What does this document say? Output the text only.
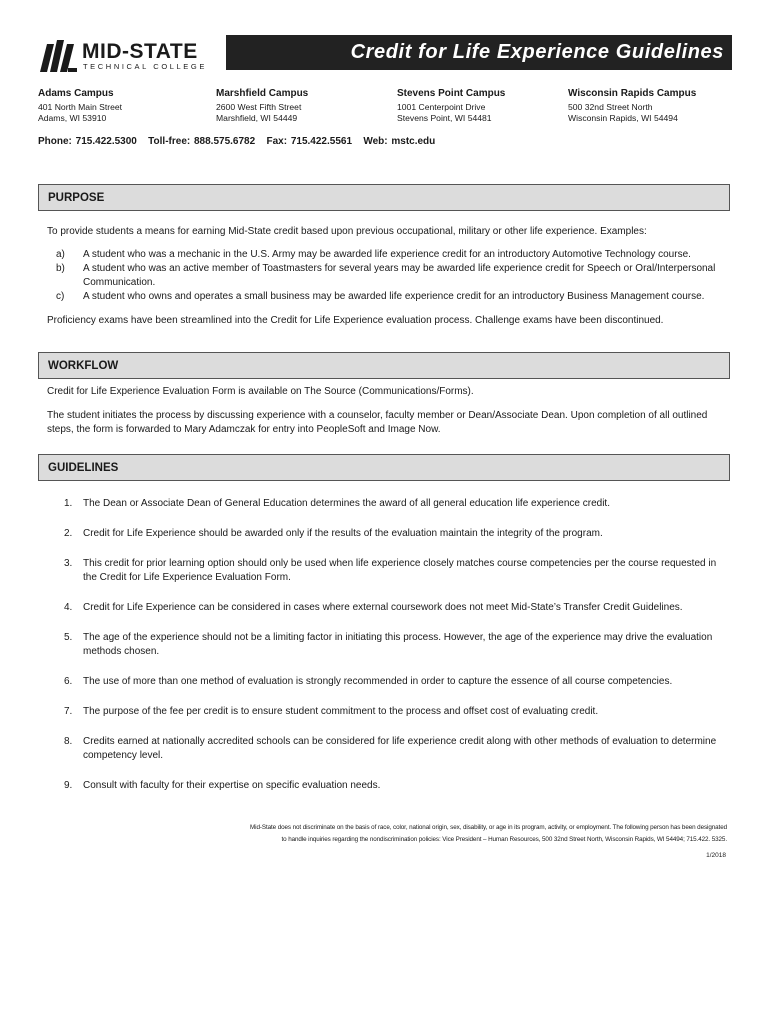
MID-STATE
TECHNICAL COLLEGE
Credit for Life Experience Guidelines
Adams Campus
401 North Main Street
Adams, WI 53910
Marshfield Campus
2600 West Fifth Street
Marshfield, WI 54449
Stevens Point Campus
1001 Centerpoint Drive
Stevens Point, WI 54481
Wisconsin Rapids Campus
500 32nd Street North
Wisconsin Rapids, WI 54494
Phone: 715.422.5300   Toll-free: 888.575.6782   Fax: 715.422.5561   Web: mstc.edu
PURPOSE

To provide students a means for earning Mid-State credit based upon previous occupational, military or other life experience. Examples:

a) A student who was a mechanic in the U.S. Army may be awarded life experience credit for an introductory Automotive Technology course.
b) A student who was an active member of Toastmasters for several years may be awarded life experience credit for Speech or Oral/Interpersonal Communication.
c) A student who owns and operates a small business may be awarded life experience credit for an introductory Business Management course.

Proficiency exams have been streamlined into the Credit for Life Experience evaluation process. Challenge exams have been discontinued.

WORKFLOW

Credit for Life Experience Evaluation Form is available on The Source (Communications/Forms).

The student initiates the process by discussing experience with a counselor, faculty member or Dean/Associate Dean. Upon completion of all outlined steps, the form is forwarded to Mary Adamczak for entry into PeopleSoft and Image Now.

GUIDELINES
1. The Dean or Associate Dean of General Education determines the award of all general education life experience credit.
2. Credit for Life Experience should be awarded only if the results of the evaluation maintain the integrity of the program.
3. This credit for prior learning option should only be used when life experience closely matches course competencies per the course requested in the Credit for Life Experience Evaluation Form.
4. Credit for Life Experience can be considered in cases where external coursework does not meet Mid-State’s Transfer Credit Guidelines.
5. The age of the experience should not be a limiting factor in initiating this process. However, the age of the experience may drive the evaluation methods chosen.
6. The use of more than one method of evaluation is strongly recommended in order to capture the essence of all course competencies.
7. The purpose of the fee per credit is to ensure student commitment to the process and offset cost of evaluating credit.
8. Credits earned at nationally accredited schools can be considered for life experience credit along with other methods of evaluation to determine competency level.
9. Consult with faculty for their expertise on specific evaluation needs.
Mid-State does not discriminate on the basis of race, color, national origin, sex, disability, or age in its program, activity, or employment. The following person has been designated
to handle inquiries regarding the nondiscrimination policies: Vice President – Human Resources, 500 32nd Street North, Wisconsin Rapids, WI 54494; 715.422. 5325.
1/2018
